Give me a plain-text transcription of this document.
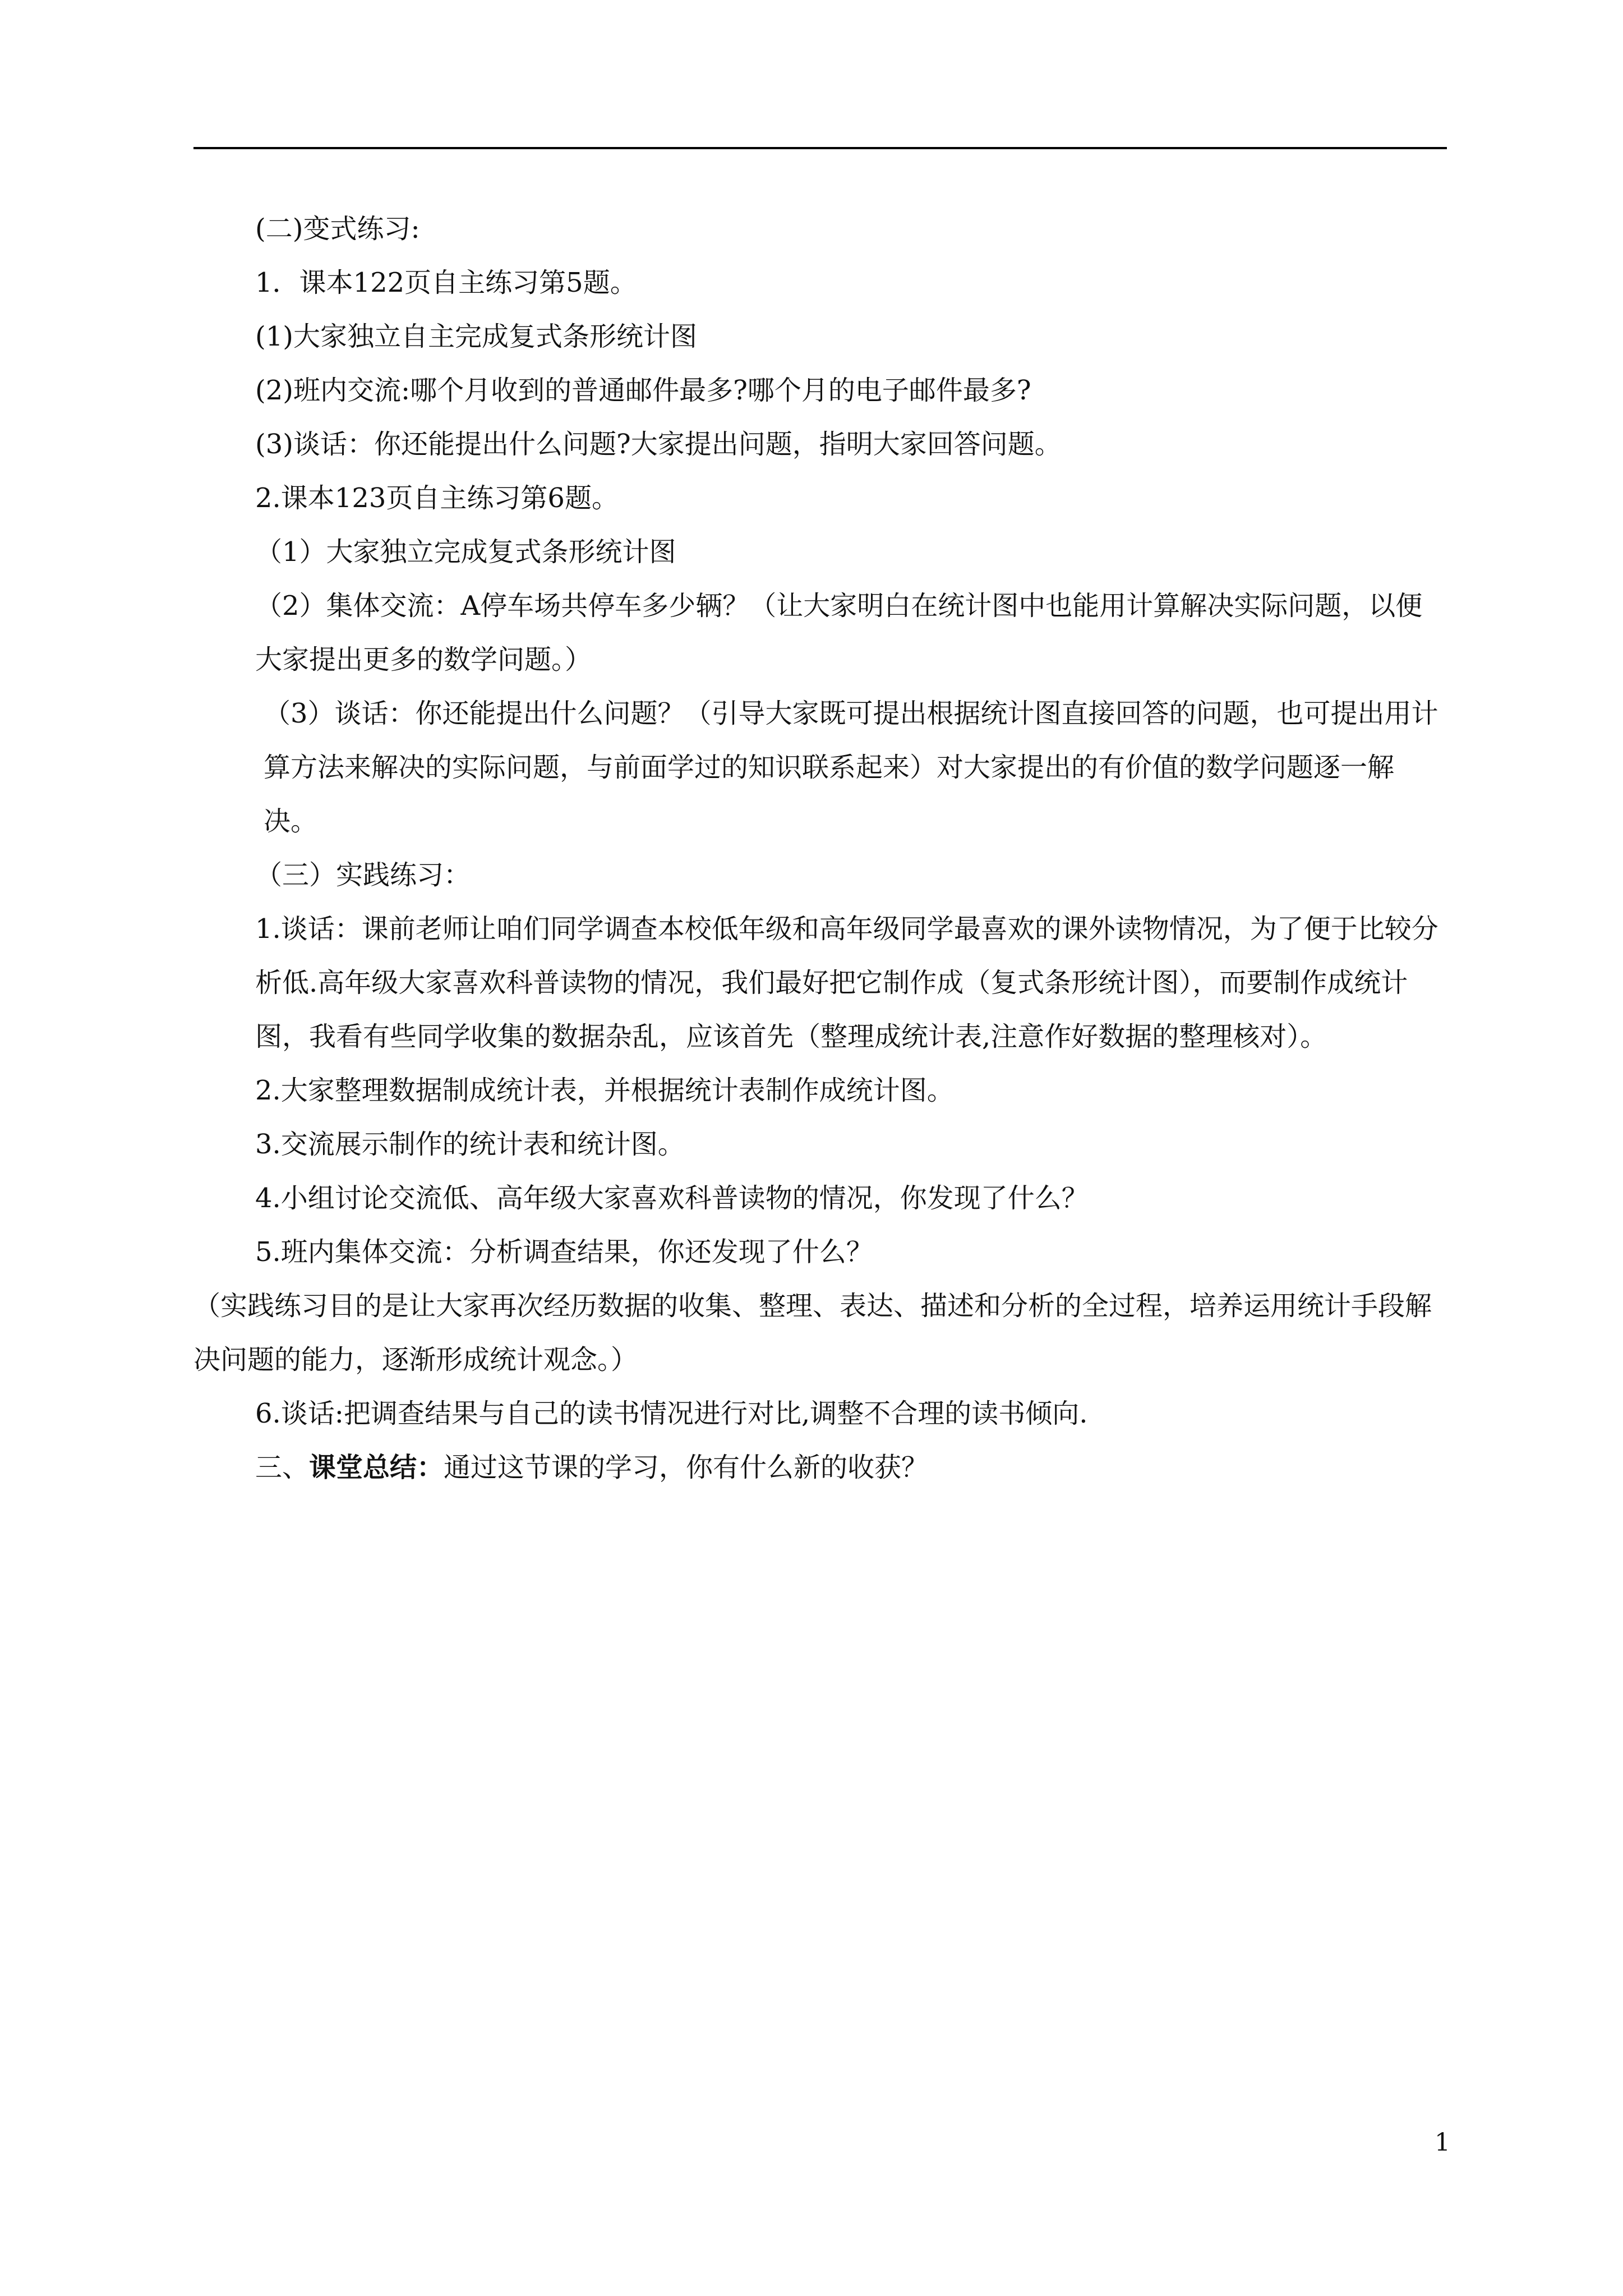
(二)变式练习:

1．课本122页自主练习第5题。

(1)大家独立自主完成复式条形统计图

(2)班内交流:哪个月收到的普通邮件最多?哪个月的电子邮件最多?

(3)谈话：你还能提出什么问题?大家提出问题，指明大家回答问题。

2.课本123页自主练习第6题。

（1）大家独立完成复式条形统计图

（2）集体交流：A停车场共停车多少辆？（让大家明白在统计图中也能用计算解决实际问题，以便大家提出更多的数学问题。）

（3）谈话：你还能提出什么问题？（引导大家既可提出根据统计图直接回答的问题，也可提出用计算方法来解决的实际问题，与前面学过的知识联系起来）对大家提出的有价值的数学问题逐一解决。

（三）实践练习：

1.谈话：课前老师让咱们同学调查本校低年级和高年级同学最喜欢的课外读物情况，为了便于比较分析低.高年级大家喜欢科普读物的情况，我们最好把它制作成（复式条形统计图），而要制作成统计图，我看有些同学收集的数据杂乱，应该首先（整理成统计表,注意作好数据的整理核对）。

2.大家整理数据制成统计表，并根据统计表制作成统计图。

3.交流展示制作的统计表和统计图。

4.小组讨论交流低、高年级大家喜欢科普读物的情况，你发现了什么？

5.班内集体交流：分析调查结果，你还发现了什么？

（实践练习目的是让大家再次经历数据的收集、整理、表达、描述和分析的全过程，培养运用统计手段解决问题的能力，逐渐形成统计观念。）

6.谈话:把调查结果与自己的读书情况进行对比,调整不合理的读书倾向.

三、课堂总结：通过这节课的学习，你有什么新的收获？

1
